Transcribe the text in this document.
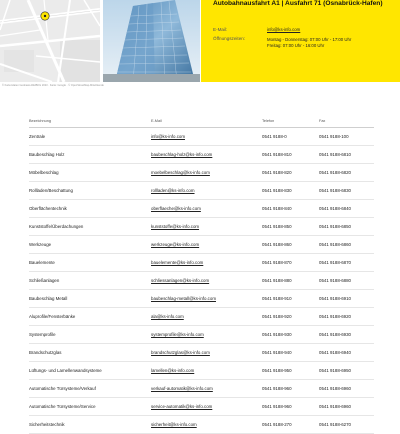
Autobahnausfahrt A1 | Ausfahrt 71 (Osnabrück-Hafen)
E-Mail:	info@ks-info.com
Öffnungszeiten:	Montag - Donnerstag: 07:00 Uhr - 17:00 Uhr
Freitag: 07:00 Uhr - 16:00 Uhr
© Kartendaten Geobasis-DE/BKG 2023 · Karte: Google · © OpenStreetMap-Mitwirkende
Bezeichnung	E-Mail	Telefon	Fax
Zentrale	info@ks-info.com	0541 9188-0	0541 9188-100
Baubeschlag Holz	baubeschlag-holz@ks-info.com	0541 9188-810	0541 9188-6810
Möbelbeschlag	moebelbeschlag@ks-info.com	0541 9188-820	0541 9188-6820
Rollladen/Beschattung	rollladen@ks-info.com	0541 9188-830	0541 9188-6830
Oberflächentechnik	oberflaeche@ks-info.com	0541 9188-840	0541 9188-6840
Kunststoffe/Überdachungen	kunststoffe@ks-info.com	0541 9188-850	0541 9188-6850
Werkzeuge	werkzeuge@ks-info.com	0541 9188-860	0541 9188-6860
Bauelemente	bauelemente@ks-info.com	0541 9188-870	0541 9188-6870
Schließanlagen	schliessanlagen@ks-info.com	0541 9188-880	0541 9188-6880
Baubeschlag Metall	baubeschlag-metall@ks-info.com	0541 9188-910	0541 9188-6910
Aluprofile/Fensterbänke	ala@ks-info.com	0541 9188-920	0541 9188-6920
Systemprofile	systemprofile@ks-info.com	0541 9188-930	0541 9188-6930
Brandschutzglas	brandschutzglas@ks-info.com	0541 9188-940	0541 9188-6940
Lüftungs- und Lamellenwandsysteme	lamellen@ks-info.com	0541 9188-950	0541 9188-6950
Automatische Türsysteme/Verkauf	verkauf-automatik@ks-info.com	0541 9188-960	0541 9188-6960
Automatische Türsysteme/Service	service-automatik@ks-info.com	0541 9188-960	0541 9188-6960
Sicherheitstechnik	sicherheit@ks-info.com	0541 9188-270	0541 9188-6270
